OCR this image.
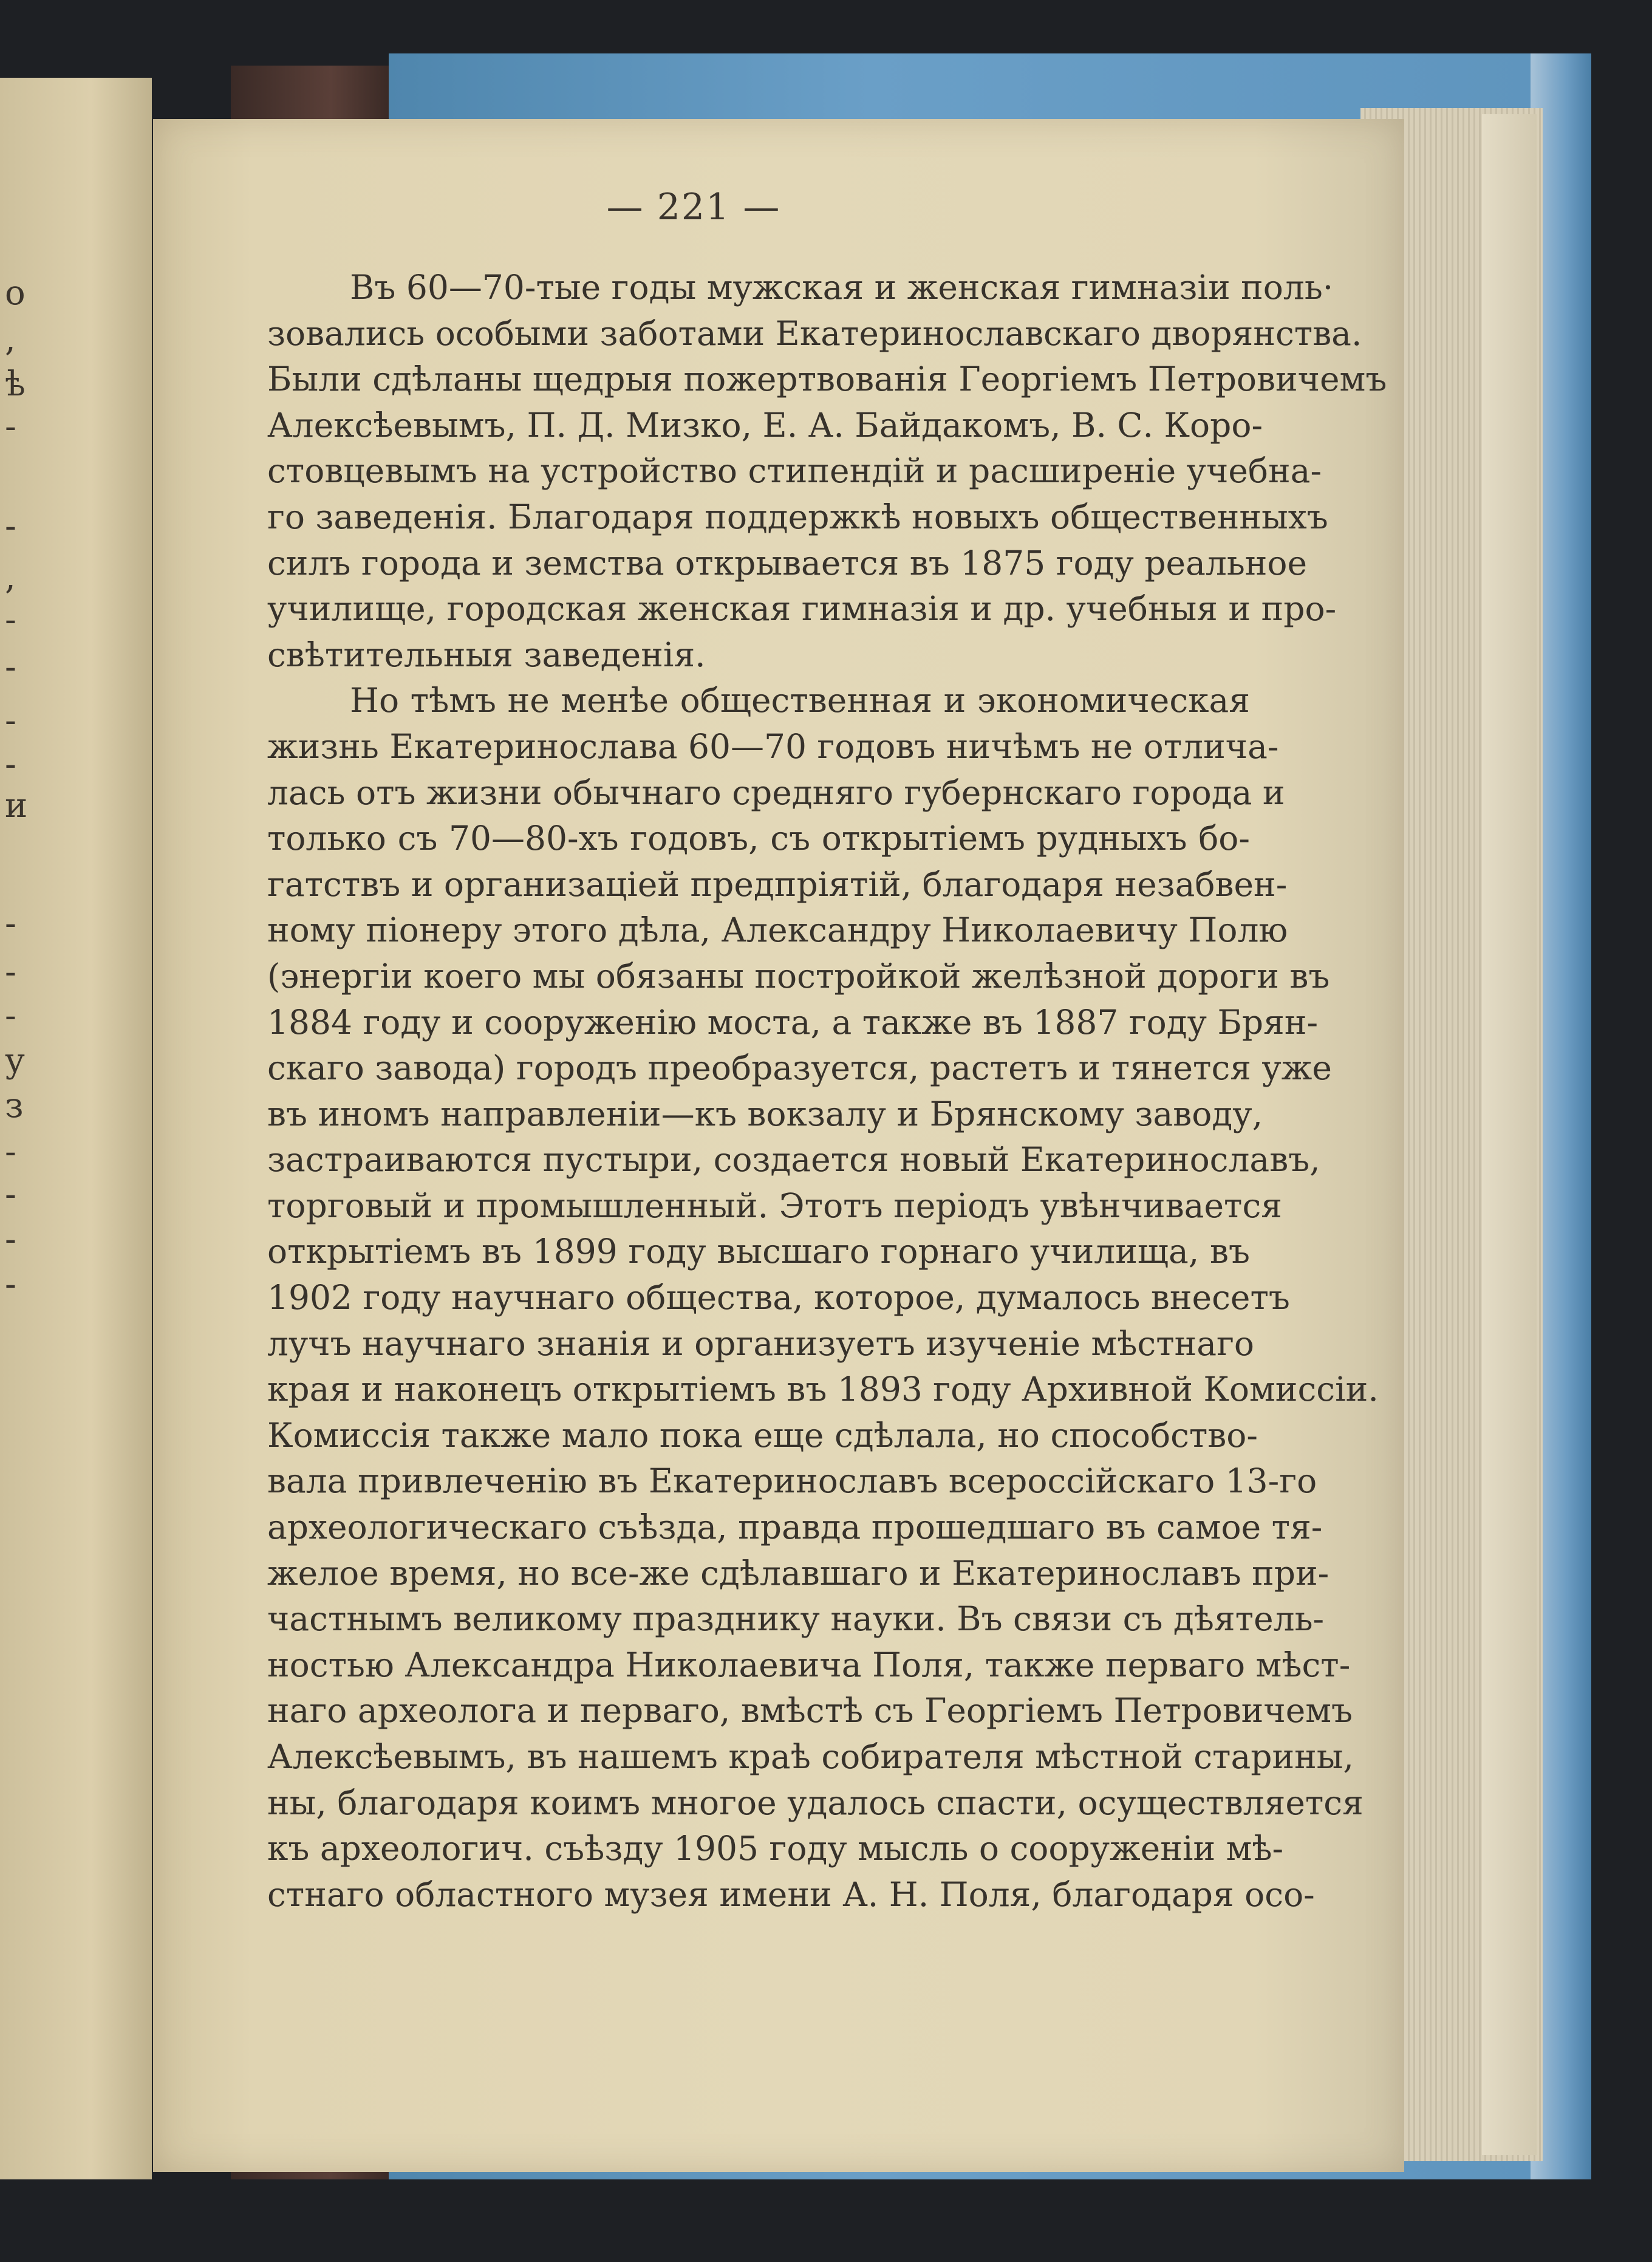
о
,
ѣ
-
-
,
-
-
-
-
и
-
-
-
у
з
-
-
-
-
— 221 —
Въ 60—70-тые годы мужская и женская гимназіи поль·
зовались особыми заботами Екатеринославскаго дворянства.
Были сдѣланы щедрыя пожертвованія Георгіемъ Петровичемъ
Алексѣевымъ, П. Д. Мизко, Е. А. Байдакомъ, В. С. Коро-
стовцевымъ на устройство стипендій и расширеніе учебна-
го заведенія. Благодаря поддержкѣ новыхъ общественныхъ
силъ города и земства открывается въ 1875 году реальное
училище, городская женская гимназія и др. учебныя и про-
свѣтительныя заведенія.
Но тѣмъ не менѣе общественная и экономическая
жизнь Екатеринослава 60—70 годовъ ничѣмъ не отлича-
лась отъ жизни обычнаго средняго губернскаго города и
только съ 70—80-хъ годовъ, съ открытіемъ рудныхъ бо-
гатствъ и организаціей предпріятій, благодаря незабвен-
ному піонеру этого дѣла, Александру Николаевичу Полю
(энергіи коего мы обязаны постройкой желѣзной дороги въ
1884 году и сооруженію моста, а также въ 1887 году Брян-
скаго завода) городъ преобразуется, растетъ и тянется уже
въ иномъ направленіи—къ вокзалу и Брянскому заводу,
застраиваются пустыри, создается новый Екатеринославъ,
торговый и промышленный. Этотъ періодъ увѣнчивается
открытіемъ въ 1899 году высшаго горнаго училища, въ
1902 году научнаго общества, которое, думалось внесетъ
лучъ научнаго знанія и организуетъ изученіе мѣстнаго
края и наконецъ открытіемъ въ 1893 году Архивной Комиссіи.
Комиссія также мало пока еще сдѣлала, но способство-
вала привлеченію въ Екатеринославъ всероссійскаго 13-го
археологическаго съѣзда, правда прошедшаго въ самое тя-
желое время, но все-же сдѣлавшаго и Екатеринославъ при-
частнымъ великому празднику науки. Въ связи съ дѣятель-
ностью Александра Николаевича Поля, также перваго мѣст-
наго археолога и перваго, вмѣстѣ съ Георгіемъ Петровичемъ
Алексѣевымъ, въ нашемъ краѣ собирателя мѣстной старины,
ны, благодаря коимъ многое удалось спасти, осуществляется
къ археологич. съѣзду 1905 году мысль о сооруженіи мѣ-
стнаго областного музея имени А. Н. Поля, благодаря осо-
